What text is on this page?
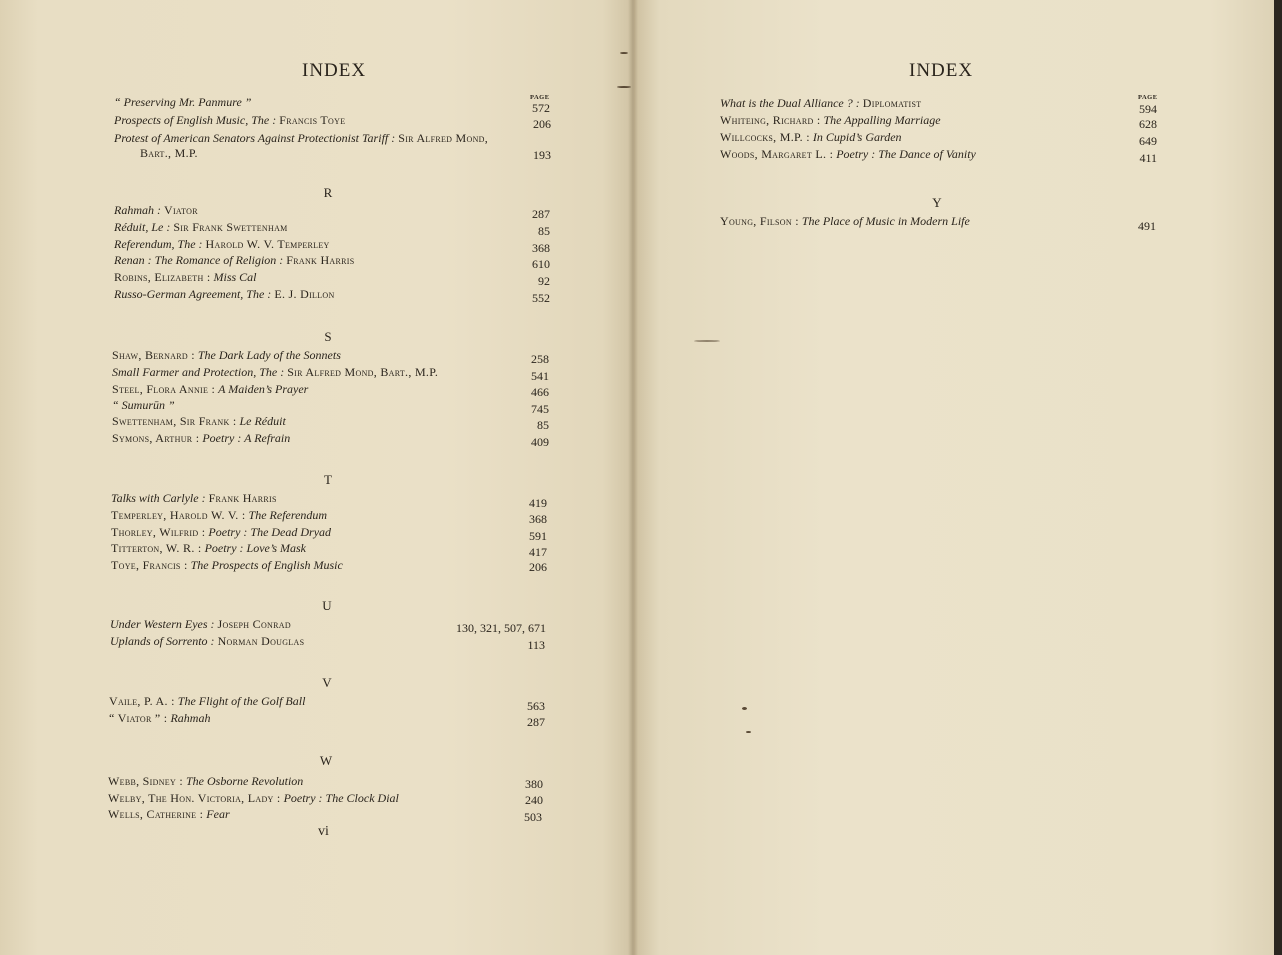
INDEX
PAGE
“ Preserving Mr. Panmure ”	572
Prospects of English Music, The : Francis Toye	206
Protest of American Senators Against Protectionist Tariff : Sir Alfred Mond,
Bart., M.P.	193
R
Rahmah : Viator	287
Réduit, Le : Sir Frank Swettenham	85
Referendum, The : Harold W. V. Temperley	368
Renan : The Romance of Religion : Frank Harris	610
Robins, Elizabeth : Miss Cal	92
Russo-German Agreement, The : E. J. Dillon	552
S
Shaw, Bernard : The Dark Lady of the Sonnets	258
Small Farmer and Protection, The : Sir Alfred Mond, Bart., M.P.	541
Steel, Flora Annie : A Maiden’s Prayer	466
“ Sumurūn ”	745
Swettenham, Sir Frank : Le Réduit	85
Symons, Arthur : Poetry : A Refrain	409
T
Talks with Carlyle : Frank Harris	419
Temperley, Harold W. V. : The Referendum	368
Thorley, Wilfrid : Poetry : The Dead Dryad	591
Titterton, W. R. : Poetry : Love’s Mask	417
Toye, Francis : The Prospects of English Music	206
U
Under Western Eyes : Joseph Conrad	130, 321, 507, 671
Uplands of Sorrento : Norman Douglas	113
V
Vaile, P. A. : The Flight of the Golf Ball	563
“ Viator ” : Rahmah	287
W
Webb, Sidney : The Osborne Revolution	380
Welby, The Hon. Victoria, Lady : Poetry : The Clock Dial	240
Wells, Catherine : Fear	503
vi
INDEX
PAGE
What is the Dual Alliance ? : Diplomatist	594
Whiteing, Richard : The Appalling Marriage	628
Willcocks, M.P. : In Cupid’s Garden	649
Woods, Margaret L. : Poetry : The Dance of Vanity	411
Y
Young, Filson : The Place of Music in Modern Life	491
